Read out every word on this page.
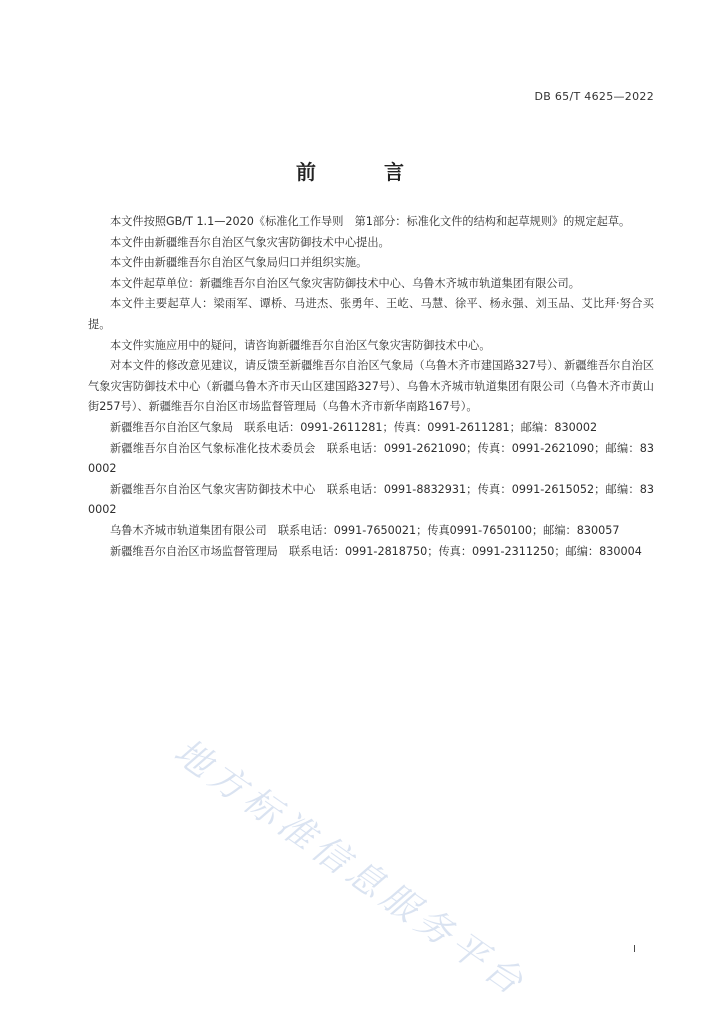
DB 65/T 4625—2022
前　言

本文件按照GB/T 1.1—2020《标准化工作导则　第1部分：标准化文件的结构和起草规则》的规定起草。

本文件由新疆维吾尔自治区气象灾害防御技术中心提出。

本文件由新疆维吾尔自治区气象局归口并组织实施。

本文件起草单位：新疆维吾尔自治区气象灾害防御技术中心、乌鲁木齐城市轨道集团有限公司。

本文件主要起草人：梁雨军、谭桥、马进杰、张勇年、王屹、马慧、徐平、杨永强、刘玉品、艾比拜·努合买提。

本文件实施应用中的疑问，请咨询新疆维吾尔自治区气象灾害防御技术中心。

对本文件的修改意见建议，请反馈至新疆维吾尔自治区气象局（乌鲁木齐市建国路327号）、新疆维吾尔自治区气象灾害防御技术中心（新疆乌鲁木齐市天山区建国路327号）、乌鲁木齐城市轨道集团有限公司（乌鲁木齐市黄山街257号）、新疆维吾尔自治区市场监督管理局（乌鲁木齐市新华南路167号）。

新疆维吾尔自治区气象局　联系电话：0991-2611281；传真：0991-2611281；邮编：830002

新疆维吾尔自治区气象标准化技术委员会　联系电话：0991-2621090；传真：0991-2621090；邮编：830002

新疆维吾尔自治区气象灾害防御技术中心　联系电话：0991-8832931；传真：0991-2615052；邮编：830002

乌鲁木齐城市轨道集团有限公司　联系电话：0991-7650021；传真0991-7650100；邮编：830057

新疆维吾尔自治区市场监督管理局　联系电话：0991-2818750；传真：0991-2311250；邮编：830004

地方标准信息服务平台	I
